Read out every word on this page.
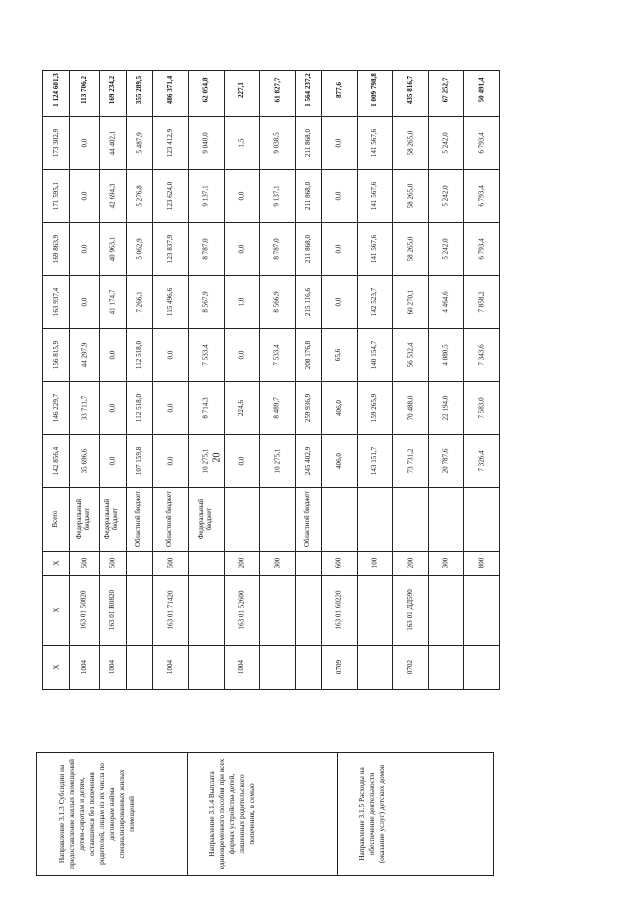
20
Направление 3.1.3 Субсидии на предоставление жилых помещений детям-сиротам и детям, оставшимся без попечения родителей, лицам из их числа по договорам найма специализированных жилых помещений	Направление 3.1.4 Выплата единовременного пособия при всех формах устройства детей, лишенных родительского попечения, в семью	Направление 3.1.5 Расходы на обеспечение деятельности (оказание услуг) детских домов
Х
Х
Х
Всего
142 856,4
146 229,7
156 815,9
163 937,4
169 863,9
171 595,1
173 302,9
1 124 601,3
1004
163 01 50820
500
Федеральный бюджет
35 696,6
33 711,7
44 297,9
0,0
0,0
0,0
0,0
113 706,2
1004
163 01 R0820
500
Федеральный бюджет
0,0
0,0
0,0
41 174,7
40 963,1
42 694,3
44 402,1
169 234,2
Областной бюджет
107 159,8
112 518,0
112 518,0
7 266,1
5 062,9
5 276,8
5 487,9
355 289,5
1004
163 01 71420
500
Областной бюджет
0,0
0,0
0,0
115 496,6
123 837,9
123 624,0
123 412,9
486 371,4
Федеральный бюджет
10 275,1
8 714,3
7 533,4
8 567,9
8 787,0
9 137,1
9 040,0
62 054,8
1004
163 01 52600
200
0,0
224,6
0,0
1,0
0,0
0,0
1,5
227,1
300
10 275,1
8 489,7
7 533,4
8 566,9
8 787,0
9 137,1
9 038,5
61 827,7
Областной бюджет
245 402,9
259 936,9
208 176,8
215 116,6
211 868,0
211 868,0
211 868,0
1 564 237,2
0709
163 01 60220
600
406,0
406,0
65,6
0,0
0,0
0,0
0,0
877,6
100
143 151,7
159 265,9
140 154,7
142 523,7
141 567,6
141 567,6
141 567,6
1 009 798,8
0702
163 01 ДД590
200
73 731,2
70 488,0
56 532,4
60 270,1
58 265,0
58 265,0
58 265,0
435 816,7
300
20 787,6
22 194,0
4 080,5
4 464,6
5 242,0
5 242,0
5 242,0
67 252,7
800
7 326,4
7 583,0
7 343,6
7 858,2
6 793,4
6 793,4
6 793,4
50 491,4
